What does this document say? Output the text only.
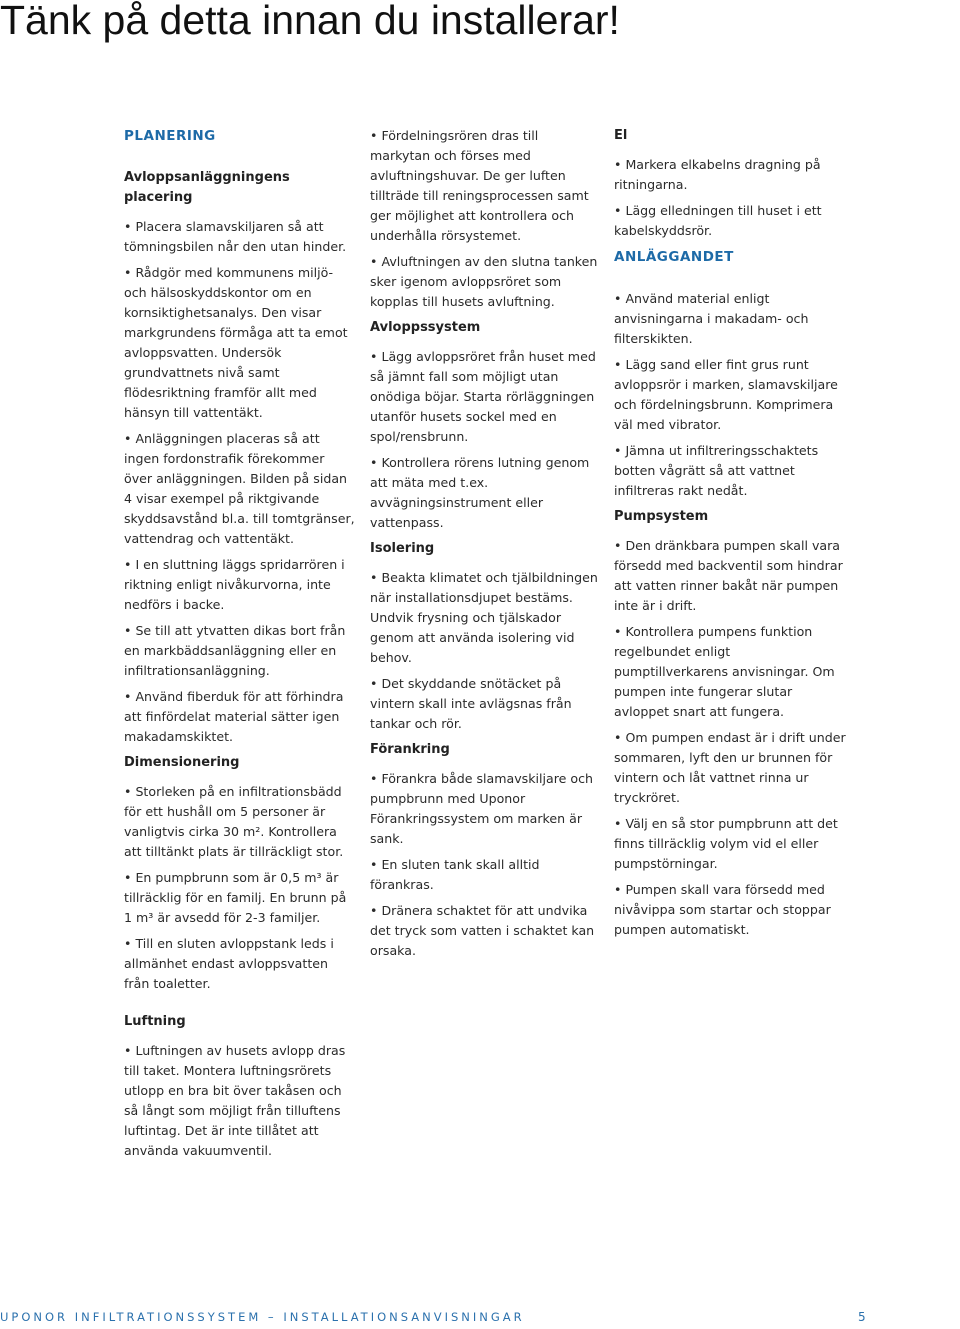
Tänk på detta innan du installerar!
PLANERING
Avloppsanläggningens placering

• Placera slamavskiljaren så att tömningsbilen når den utan hinder.

• Rådgör med kommunens miljö- och hälsoskyddskontor om en kornsiktighetsanalys. Den visar markgrundens förmåga att ta emot avloppsvatten. Undersök grundvattnets nivå samt flödesriktning framför allt med hänsyn till vattentäkt.

• Anläggningen placeras så att ingen fordonstrafik förekommer över anläggningen. Bilden på sidan 4 visar exempel på riktgivande skyddsavstånd bl.a. till tomtgränser, vattendrag och vattentäkt.

• I en sluttning läggs spridarrören i riktning enligt nivåkurvorna, inte nedförs i backe.

• Se till att ytvatten dikas bort från en markbäddsanläggning eller en infiltrationsanläggning.

• Använd fiberduk för att förhindra att finfördelat material sätter igen makadamskiktet.

Dimensionering

• Storleken på en infiltrationsbädd för ett hushåll om 5 personer är vanligtvis cirka 30 m². Kontrollera att tilltänkt plats är tillräckligt stor.

• En pumpbrunn som är 0,5 m³ är tillräcklig för en familj. En brunn på 1 m³ är avsedd för 2-3 familjer.

• Till en sluten avloppstank leds i allmänhet endast avloppsvatten från toaletter.

• Fördelningsrören dras till markytan och förses med avluftningshuvar. De ger luften tillträde till reningsprocessen samt ger möjlighet att kontrollera och underhålla rörsystemet.

• Avluftningen av den slutna tanken sker igenom avloppsröret som kopplas till husets avluftning.

Avloppssystem

• Lägg avloppsröret från huset med så jämnt fall som möjligt utan onödiga böjar. Starta rörläggningen utanför husets sockel med en spol/rensbrunn.

• Kontrollera rörens lutning genom att mäta med t.ex. avvägningsinstrument eller vattenpass.

Isolering

• Beakta klimatet och tjälbildningen när installationsdjupet bestäms. Undvik frysning och tjälskador genom att använda isolering vid behov.

• Det skyddande snötäcket på vintern skall inte avlägsnas från tankar och rör.

Förankring

• Förankra både slamavskiljare och pumpbrunn med Uponor Förankringssystem om marken är sank.

• En sluten tank skall alltid förankras.

• Dränera schaktet för att undvika det tryck som vatten i schaktet kan orsaka.

El

• Markera elkabelns dragning på ritningarna.

• Lägg elledningen till huset i ett kabelskyddsrör.

ANLÄGGANDET

• Använd material enligt anvisningarna i makadam- och filterskikten.

• Lägg sand eller fint grus runt avloppsrör i marken, slamavskiljare och fördelningsbrunn. Komprimera väl med vibrator.

• Jämna ut infiltreringsschaktets botten vågrätt så att vattnet infiltreras rakt nedåt.

Pumpsystem

• Den dränkbara pumpen skall vara försedd med backventil som hindrar att vatten rinner bakåt när pumpen inte är i drift.

• Kontrollera pumpens funktion regelbundet enligt pumptillverkarens anvisningar. Om pumpen inte fungerar slutar avloppet snart att fungera.

• Om pumpen endast är i drift under sommaren, lyft den ur brunnen för vintern och låt vattnet rinna ur tryckröret.

• Välj en så stor pumpbrunn att det finns tillräcklig volym vid el eller pumpstörningar.

• Pumpen skall vara försedd med nivåvippa som startar och stoppar pumpen automatiskt.

Luftning

• Luftningen av husets avlopp dras till taket. Montera luftningsrörets utlopp en bra bit över takåsen och så långt som möjligt från tilluftens luftintag. Det är inte tillåtet att använda vakuumventil.

UPONOR INFILTRATIONSSYSTEM – INSTALLATIONSANVISNINGAR	5
